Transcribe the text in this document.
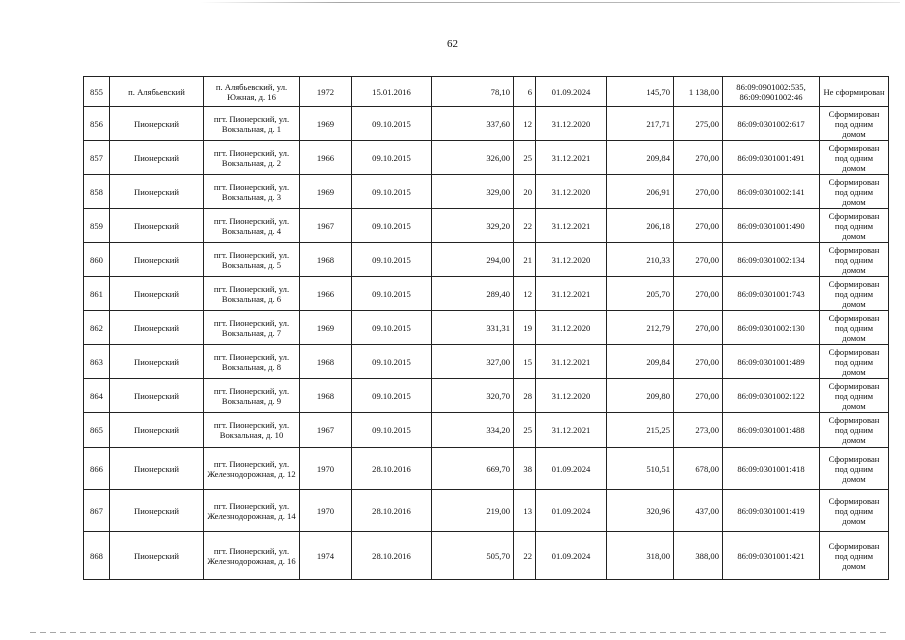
62
855	п. Алябьевский	п. Алябьевский, ул. Южная, д. 16	1972	15.01.2016	78,10	6	01.09.2024	145,70	1 138,00	86:09:0901002:535, 86:09:0901002:46	Не сформирован
856	Пионерский	пгт. Пионерский, ул. Вокзальная, д. 1	1969	09.10.2015	337,60	12	31.12.2020	217,71	275,00	86:09:0301002:617	Сформирован под одним домом
857	Пионерский	пгт. Пионерский, ул. Вокзальная, д. 2	1966	09.10.2015	326,00	25	31.12.2021	209,84	270,00	86:09:0301001:491	Сформирован под одним домом
858	Пионерский	пгт. Пионерский, ул. Вокзальная, д. 3	1969	09.10.2015	329,00	20	31.12.2020	206,91	270,00	86:09:0301002:141	Сформирован под одним домом
859	Пионерский	пгт. Пионерский, ул. Вокзальная, д. 4	1967	09.10.2015	329,20	22	31.12.2021	206,18	270,00	86:09:0301001:490	Сформирован под одним домом
860	Пионерский	пгт. Пионерский, ул. Вокзальная, д. 5	1968	09.10.2015	294,00	21	31.12.2020	210,33	270,00	86:09:0301002:134	Сформирован под одним домом
861	Пионерский	пгт. Пионерский, ул. Вокзальная, д. 6	1966	09.10.2015	289,40	12	31.12.2021	205,70	270,00	86:09:0301001:743	Сформирован под одним домом
862	Пионерский	пгт. Пионерский, ул. Вокзальная, д. 7	1969	09.10.2015	331,31	19	31.12.2020	212,79	270,00	86:09:0301002:130	Сформирован под одним домом
863	Пионерский	пгт. Пионерский, ул. Вокзальная, д. 8	1968	09.10.2015	327,00	15	31.12.2021	209,84	270,00	86:09:0301001:489	Сформирован под одним домом
864	Пионерский	пгт. Пионерский, ул. Вокзальная, д. 9	1968	09.10.2015	320,70	28	31.12.2020	209,80	270,00	86:09:0301002:122	Сформирован под одним домом
865	Пионерский	пгт. Пионерский, ул. Вокзальная, д. 10	1967	09.10.2015	334,20	25	31.12.2021	215,25	273,00	86:09:0301001:488	Сформирован под одним домом
866	Пионерский	пгт. Пионерский, ул. Железнодорожная, д. 12	1970	28.10.2016	669,70	38	01.09.2024	510,51	678,00	86:09:0301001:418	Сформирован под одним домом
867	Пионерский	пгт. Пионерский, ул. Железнодорожная, д. 14	1970	28.10.2016	219,00	13	01.09.2024	320,96	437,00	86:09:0301001:419	Сформирован под одним домом
868	Пионерский	пгт. Пионерский, ул. Железнодорожная, д. 16	1974	28.10.2016	505,70	22	01.09.2024	318,00	388,00	86:09:0301001:421	Сформирован под одним домом
